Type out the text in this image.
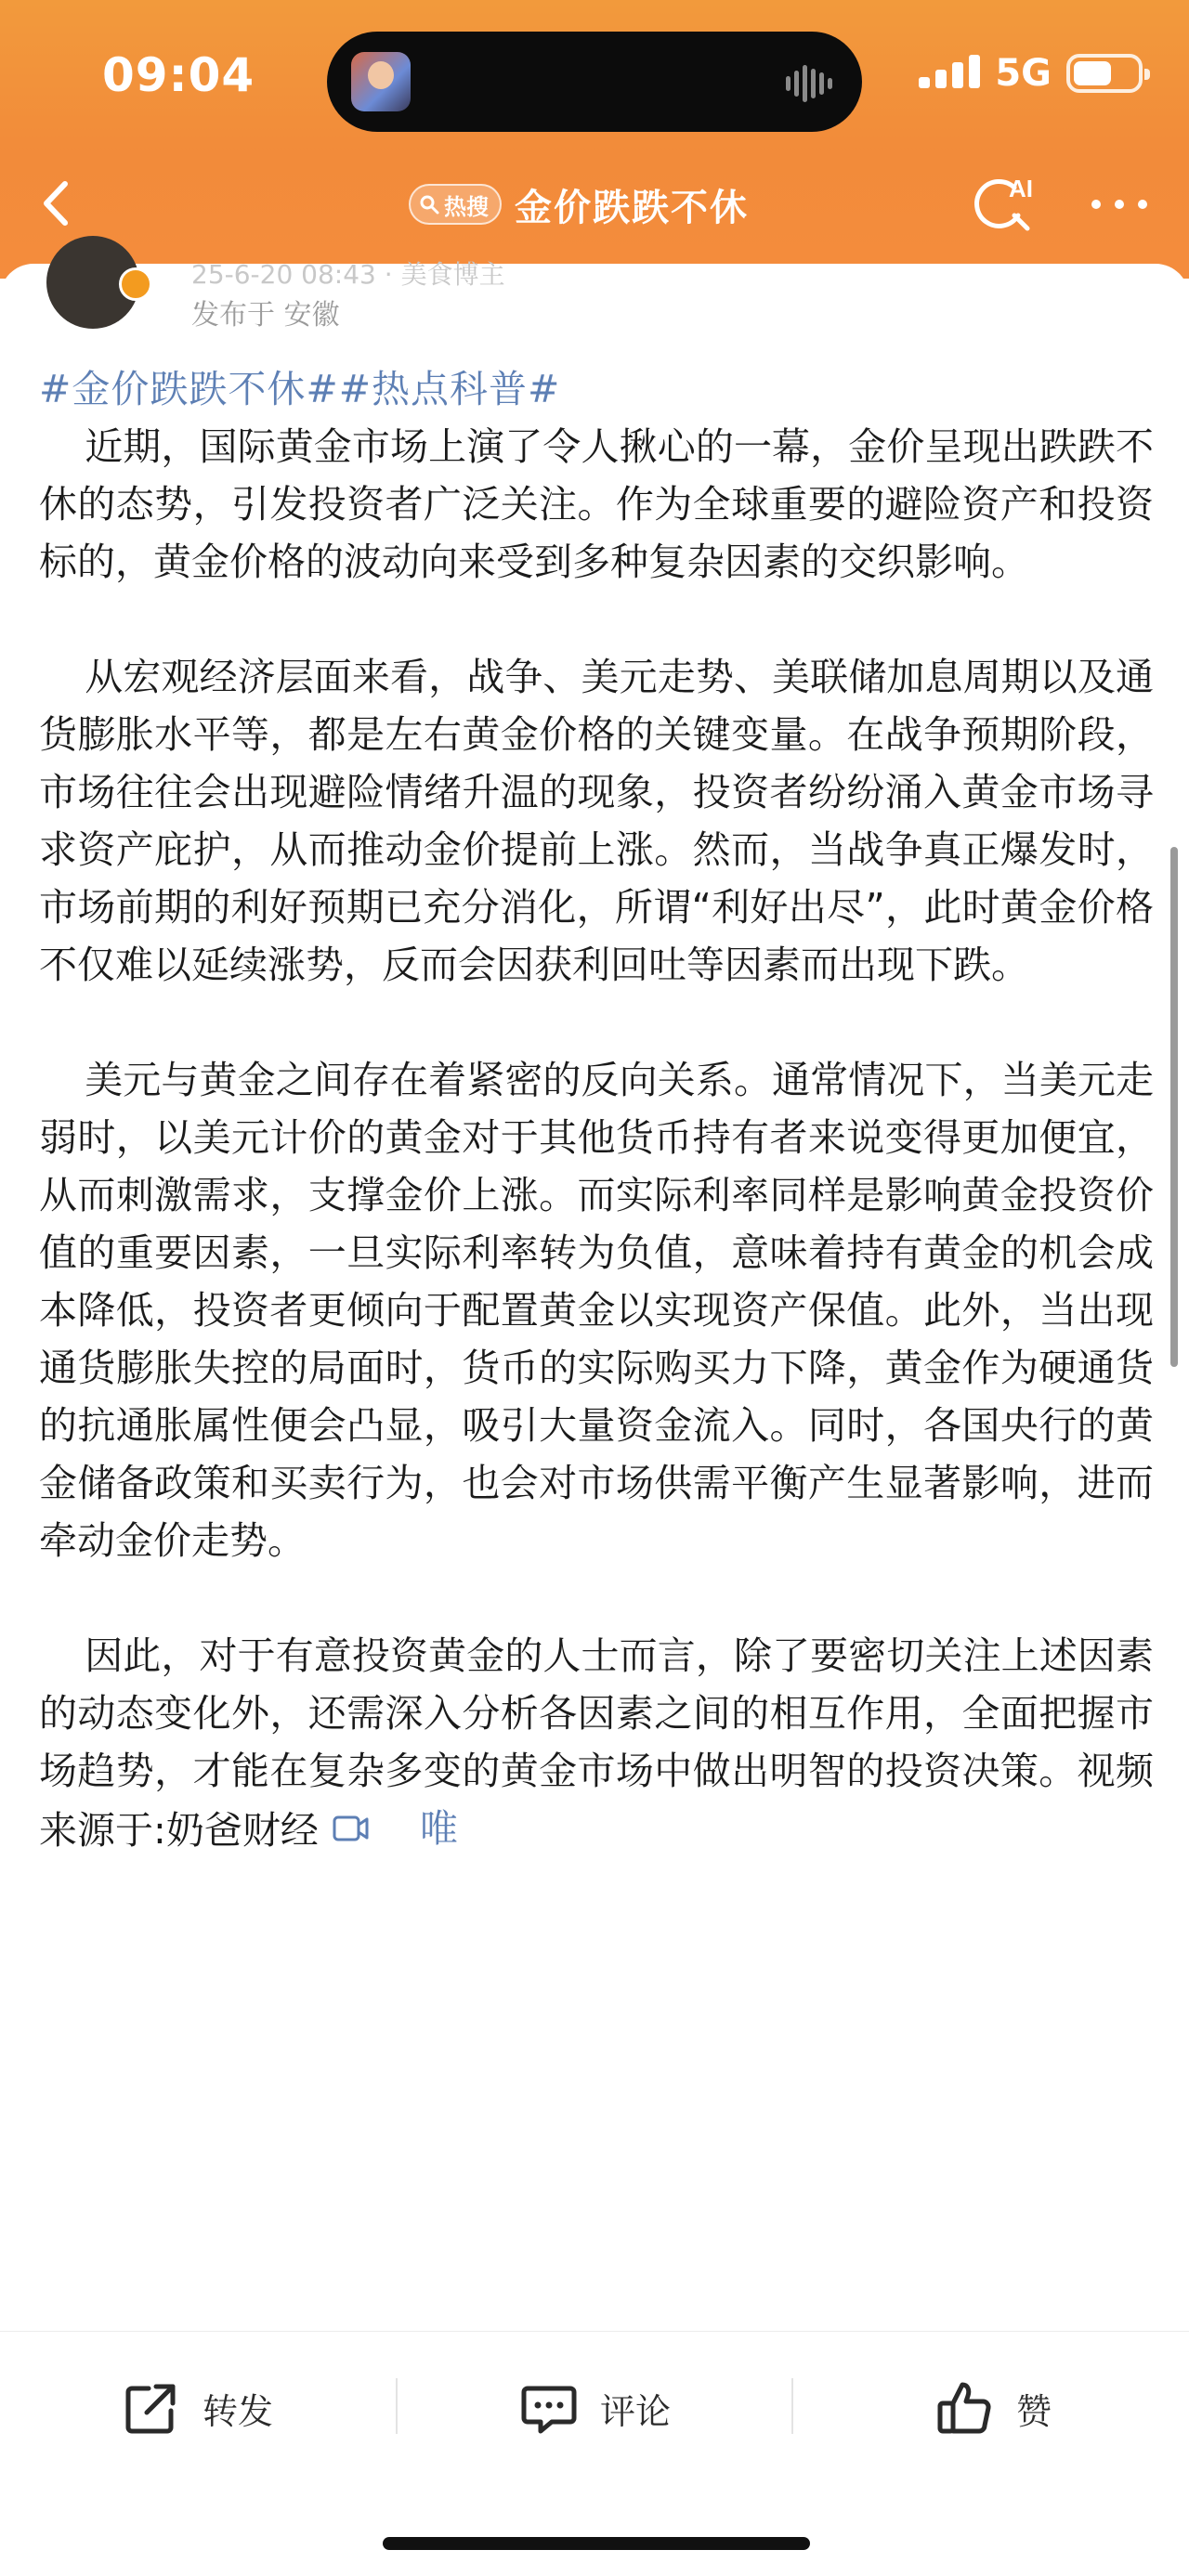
09:04	5G
热搜 金价跌跌不休	AI
25-6-20 08:43 · 美食博主
发布于 安徽
#金价跌跌不休##热点科普#
近期，国际黄金市场上演了令人揪心的一幕，金价呈现出跌跌不休的态势，引发投资者广泛关注。作为全球重要的避险资产和投资标的，黄金价格的波动向来受到多种复杂因素的交织影响。
从宏观经济层面来看，战争、美元走势、美联储加息周期以及通货膨胀水平等，都是左右黄金价格的关键变量。在战争预期阶段，市场往往会出现避险情绪升温的现象，投资者纷纷涌入黄金市场寻求资产庇护，从而推动金价提前上涨。然而，当战争真正爆发时，市场前期的利好预期已充分消化，所谓“利好出尽”，此时黄金价格不仅难以延续涨势，反而会因获利回吐等因素而出现下跌。
美元与黄金之间存在着紧密的反向关系。通常情况下，当美元走弱时，以美元计价的黄金对于其他货币持有者来说变得更加便宜，从而刺激需求，支撑金价上涨。而实际利率同样是影响黄金投资价值的重要因素，一旦实际利率转为负值，意味着持有黄金的机会成本降低，投资者更倾向于配置黄金以实现资产保值。此外，当出现通货膨胀失控的局面时，货币的实际购买力下降，黄金作为硬通货的抗通胀属性便会凸显，吸引大量资金流入。同时，各国央行的黄金储备政策和买卖行为，也会对市场供需平衡产生显著影响，进而牵动金价走势。
因此，对于有意投资黄金的人士而言，除了要密切关注上述因素的动态变化外，还需深入分析各因素之间的相互作用，全面把握市场趋势，才能在复杂多变的黄金市场中做出明智的投资决策。视频来源于:奶爸财经	唯
转发	评论	赞
